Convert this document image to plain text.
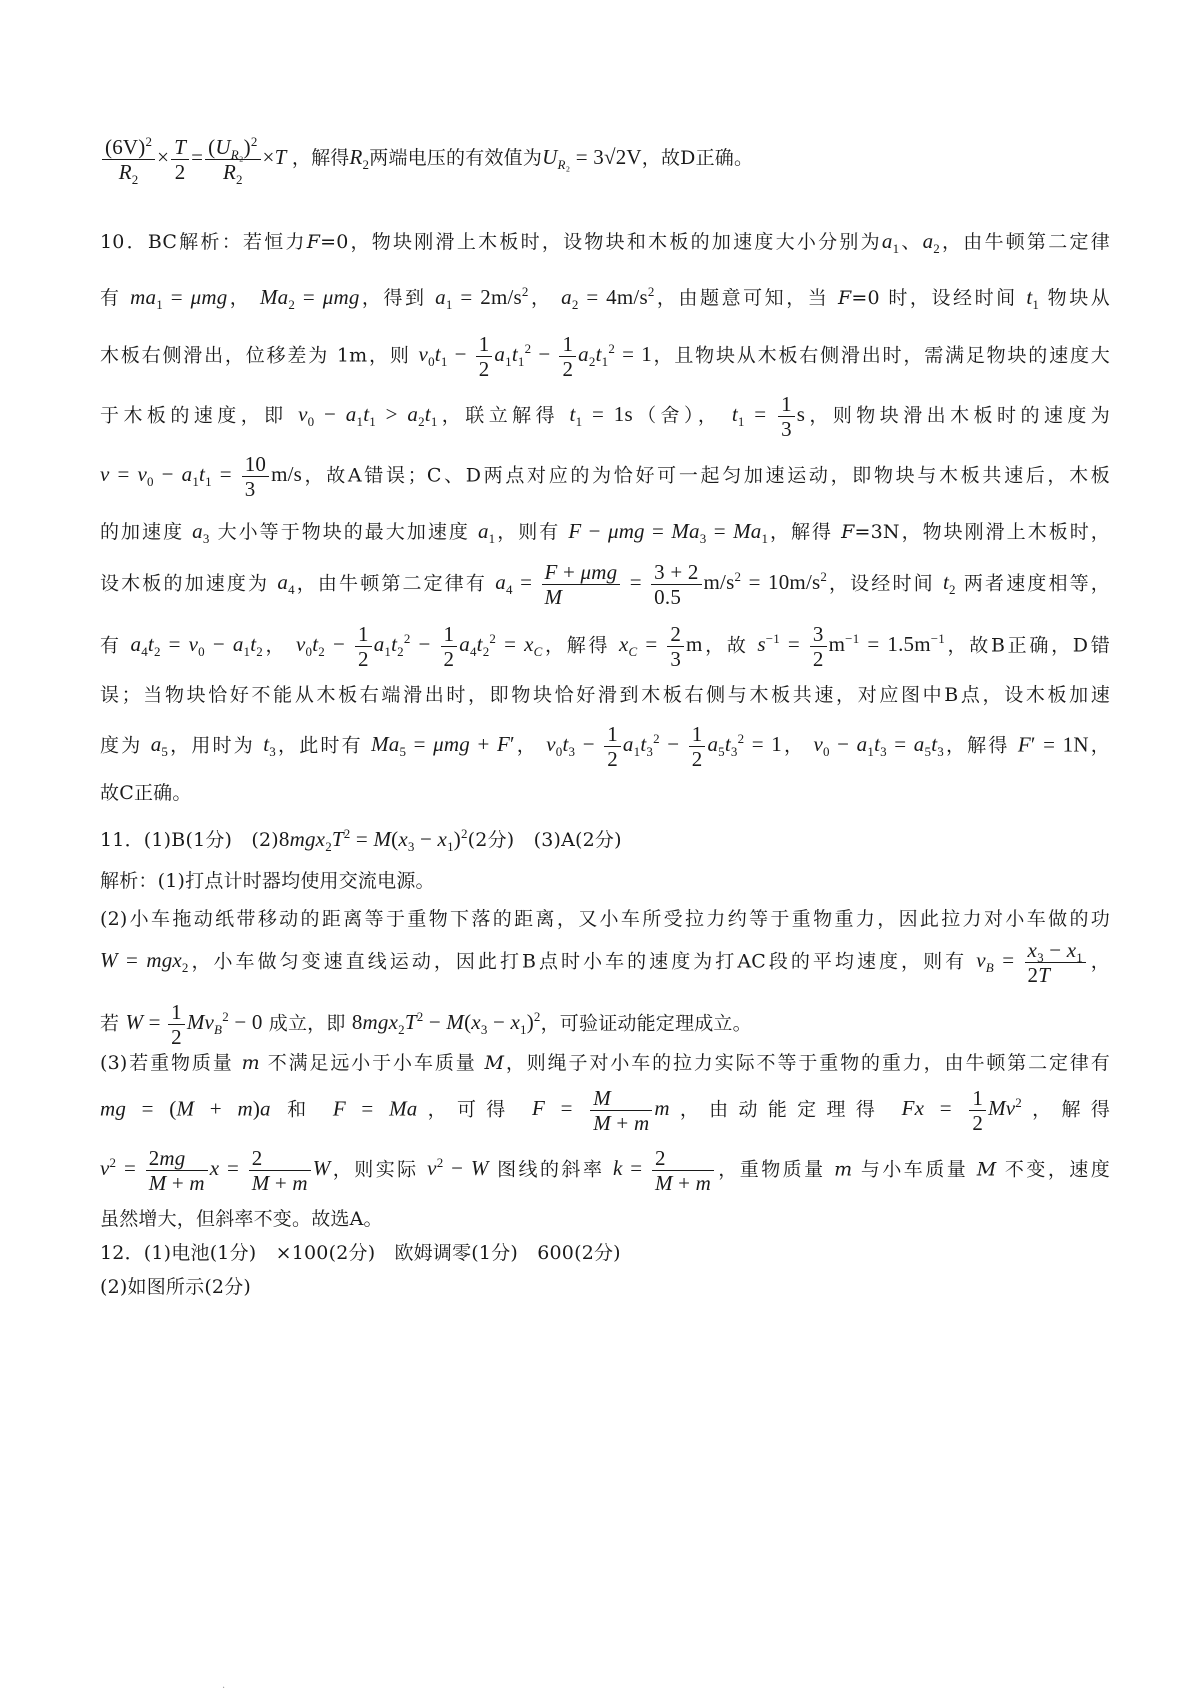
$\frac{(6V)^2}{R_2} \times \frac{T}{2} = \frac{(U_{R_2})^2}{R_2} \times T$ ，解得$R_2$两端电压的有效值为$U_{R_2} = 3√2V$，故D正确。
10．BC解析：若恒力F=0，物块刚滑上木板时，设物块和木板的加速度大小分别为$a_1$、$a_2$，由牛顿第二定律
有 $ma_1 = \mu mg$， $Ma_2 = \mu mg$，得到 $a_1 = 2m/s^2$， $a_2 = 4m/s^2$，由题意可知，当 F=0 时，设经时间 $t_1$ 物块从
木板右侧滑出，位移差为 1m，则 $v_0t_1 - \frac{1}{2} a_1t_1^2 - \frac{1}{2} a_2t_1^2 = 1$，且物块从木板右侧滑出时，需满足物块的速度大
于木板的速度，即 $v_0 - a_1t_1 > a_2t_1$，联立解得 $t_1 = 1s$（舍）， $t_1 = \frac{1}{3}$ s，则物块滑出木板时的速度为
$v = v_0 - a_1t_1 = \frac{10}{3} m/s$，故A错误；C、D两点对应的为恰好可一起匀加速运动，即物块与木板共速后，木板
的加速度 $a_3$ 大小等于物块的最大加速度 $a_1$，则有 $F - \mu mg = Ma_3 = Ma_1$，解得 F=3N，物块刚滑上木板时，
设木板的加速度为 $a_4$，由牛顿第二定律有 $a_4 = \frac{\text{F + μmg}}{M} = \frac{3 + 2}{0.5} m/s^2 = 10m/s^2$，设经时间 $t_2$ 两者速度相等，
有 $a_4t_2 = v_0 - a_1t_2$， $v_0t_2 - \frac{1}{2} a_1t_2^2 - \frac{1}{2} a_4t_2^2 = x_C$，解得 $x_C = \frac{2}{3}$ m，故 $s^{-1} = \frac{3}{2} m^{-1} = 1.5m^{-1}$，故B正确，D错
误；当物块恰好不能从木板右端滑出时，即物块恰好滑到木板右侧与木板共速，对应图中B点，设木板加速
度为 $a_5$，用时为 $t_3$，此时有 $Ma_5 = \mu mg + F'$， $v_0t_3 - \frac{1}{2} a_1t_3^2 - \frac{1}{2} a_5t_3^2 = 1$， $v_0 - a_1t_3 = a_5t_3$，解得 F′ = 1N，
故C正确。
11．(1)B(1分)　$(2)8mgx_2T^2 = M(x_3 - x_1)^2(2$分)　(3)A(2分)
解析：(1)打点计时器均使用交流电源。
(2)小车拖动纸带移动的距离等于重物下落的距离，又小车所受拉力约等于重物重力，因此拉力对小车做的功
W = mgx$_2$，小车做匀变速直线运动，因此打B点时小车的速度为打AC段的平均速度，则有 $v_B = \frac{x_3 - x_1}{2T}$ ，
若 $W = \frac{1}{2} Mv_B^2 - 0$ 成立，即 $8mgx_2T^2 - M(x_3 - x_1)^2$，可验证动能定理成立。
(3)若重物质量 m 不满足远小于小车质量 M，则绳子对小车的拉力实际不等于重物的重力，由牛顿第二定律有
mg = (M + m)a 和 F = Ma，可得 $F = \frac{M}{M + m}$ m，由动能定理得 $Fx = \frac{1}{2} Mv^2$，解得
$v^2 = \frac{2mg}{M + m}$ $x = \frac{2}{M + m}$ W，则实际 $v^2 - W$ 图线的斜率 $k = \frac{2}{M + m}$ ，重物质量 m 与小车质量 M 不变，速度
虽然增大，但斜率不变。故选A。
12．(1)电池(1分)　×100(2分)　欧姆调零(1分)　600(2分)
(2)如图所示(2分)
.
